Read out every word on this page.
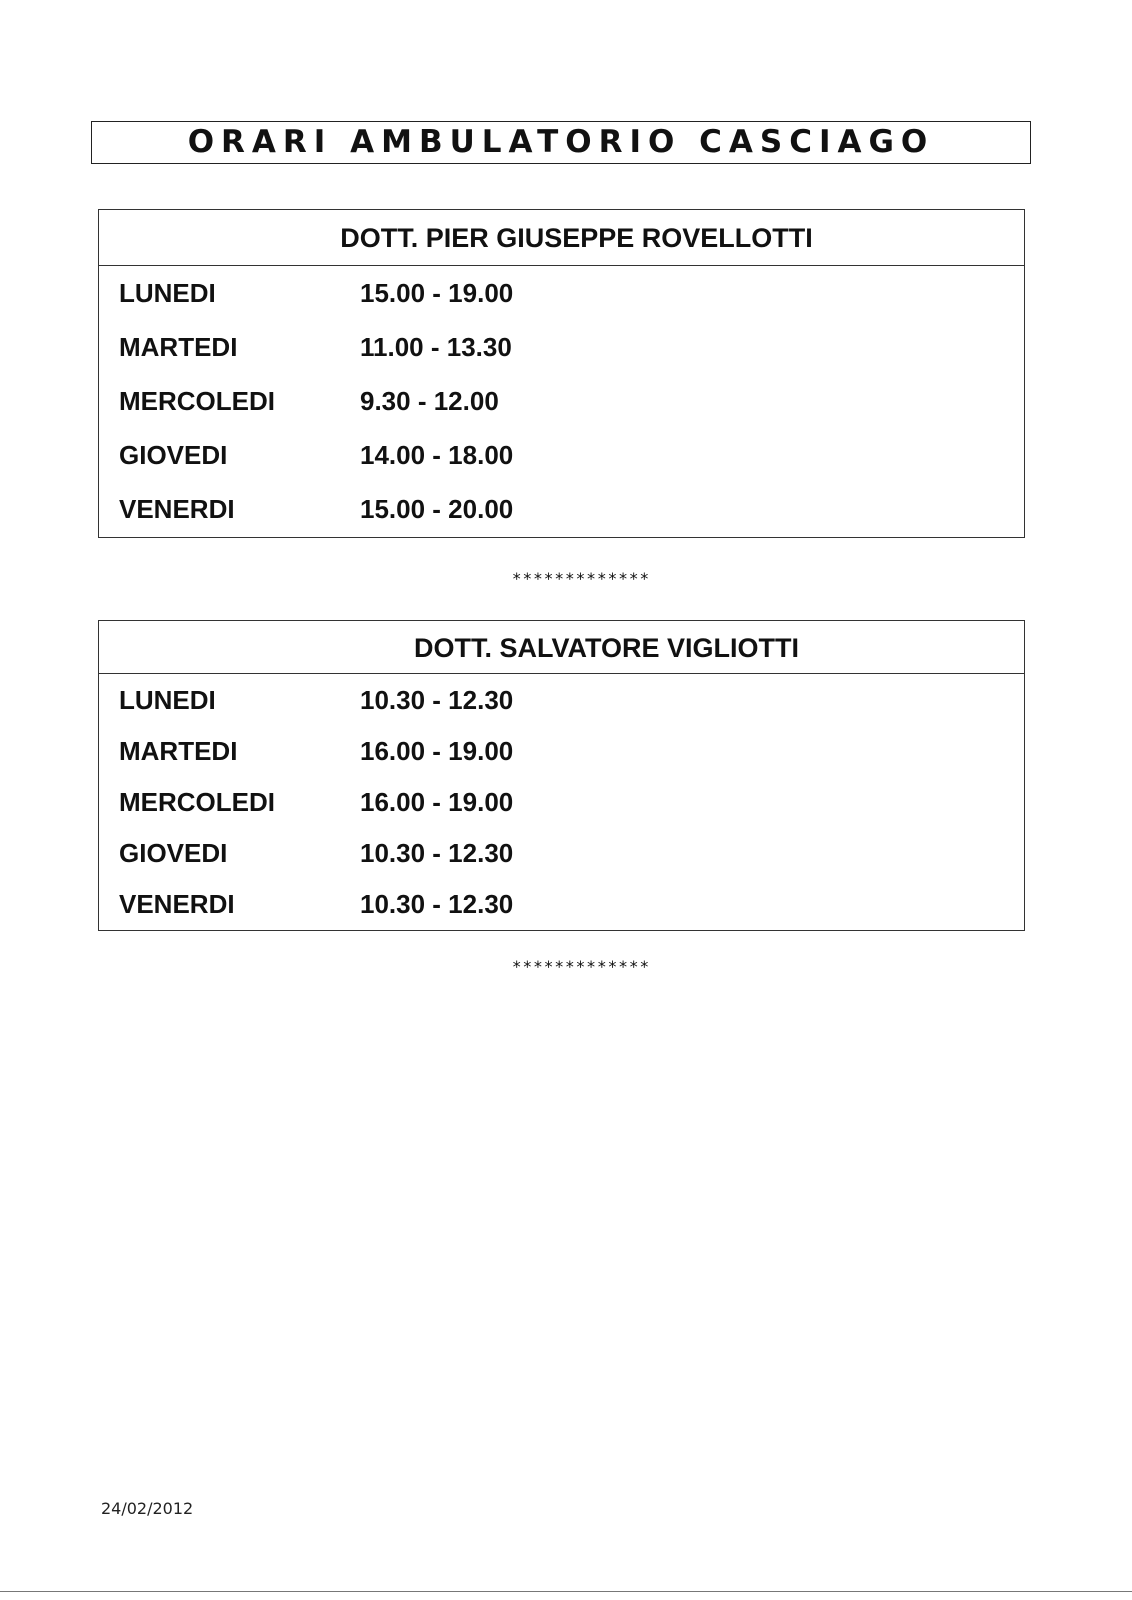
ORARI AMBULATORIO CASCIAGO
DOTT. PIER GIUSEPPE ROVELLOTTI
LUNEDI	15.00 - 19.00
MARTEDI	11.00 - 13.30
MERCOLEDI	9.30 - 12.00
GIOVEDI	14.00 - 18.00
VENERDI	15.00 - 20.00
*************
DOTT. SALVATORE VIGLIOTTI
LUNEDI	10.30 - 12.30
MARTEDI	16.00 - 19.00
MERCOLEDI	16.00 - 19.00
GIOVEDI	10.30 - 12.30
VENERDI	10.30 - 12.30
*************
24/02/2012
